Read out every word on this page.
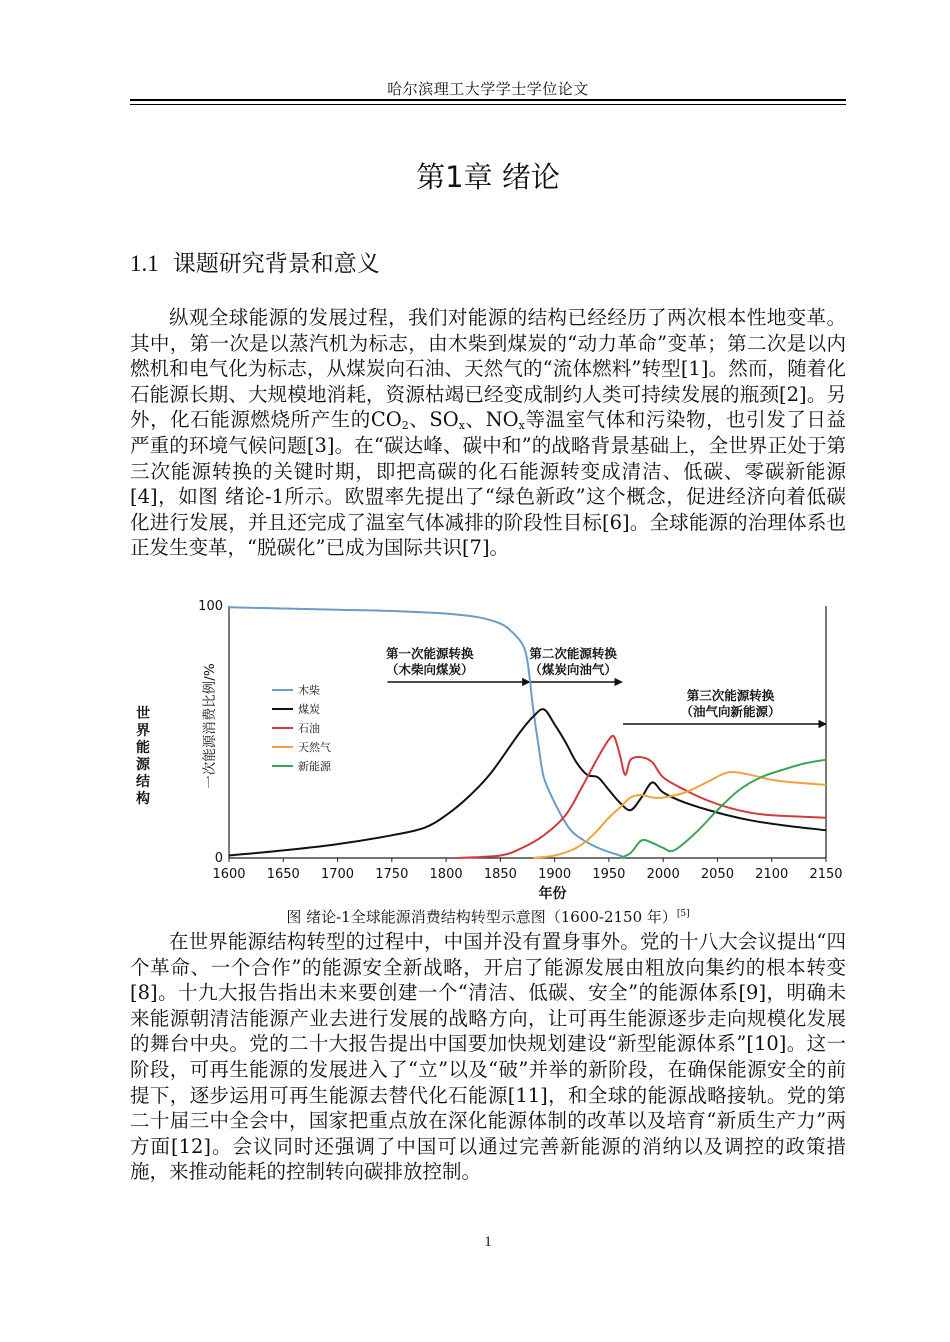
哈尔滨理工大学学士学位论文
第1章 绪论
1.1 课题研究背景和意义

纵观全球能源的发展过程，我们对能源的结构已经经历了两次根本性地变革。其中，第一次是以蒸汽机为标志，由木柴到煤炭的“动力革命”变革；第二次是以内燃机和电气化为标志，从煤炭向石油、天然气的“流体燃料”转型[1]。然而，随着化石能源长期、大规模地消耗，资源枯竭已经变成制约人类可持续发展的瓶颈[2]。另外，化石能源燃烧所产生的$CO_2$、$SO_x$、$NO_x$等温室气体和污染物，也引发了日益严重的环境气候问题[3]。在“碳达峰、碳中和”的战略背景基础上，全世界正处于第三次能源转换的关键时期，即把高碳的化石能源转变成清洁、低碳、零碳新能源[4]，如图 绪论-1所示。欧盟率先提出了“绿色新政”这个概念，促进经济向着低碳化进行发展，并且还完成了温室气体减排的阶段性目标[6]。全球能源的治理体系也正发生变革，“脱碳化”已成为国际共识[7]。

1600 1650 1700 1750 1800 1850 1900 1950 2000 2050 2100 2150
0
100
第一次能源转换
（木柴向煤炭）
第二次能源转换
（煤炭向油气）
第三次能源转换
（油气向新能源）
木柴
煤炭
石油
天然气
新能源
年份
一次能源消费比例/%
世
界
能
源
结
构
图 绪论-1全球能源消费结构转型示意图（1600-2150 年）[5]

在世界能源结构转型的过程中，中国并没有置身事外。党的十八大会议提出“四个革命、一个合作”的能源安全新战略，开启了能源发展由粗放向集约的根本转变[8]。十九大报告指出未来要创建一个“清洁、低碳、安全”的能源体系[9]，明确未来能源朝清洁能源产业去进行发展的战略方向，让可再生能源逐步走向规模化发展的舞台中央。党的二十大报告提出中国要加快规划建设“新型能源体系”[10]。这一阶段，可再生能源的发展进入了“立”以及“破”并举的新阶段，在确保能源安全的前提下，逐步运用可再生能源去替代化石能源[11]，和全球的能源战略接轨。党的第二十届三中全会中，国家把重点放在深化能源体制的改革以及培育“新质生产力”两方面[12]。会议同时还强调了中国可以通过完善新能源的消纳以及调控的政策措施，来推动能耗的控制转向碳排放控制。

1
